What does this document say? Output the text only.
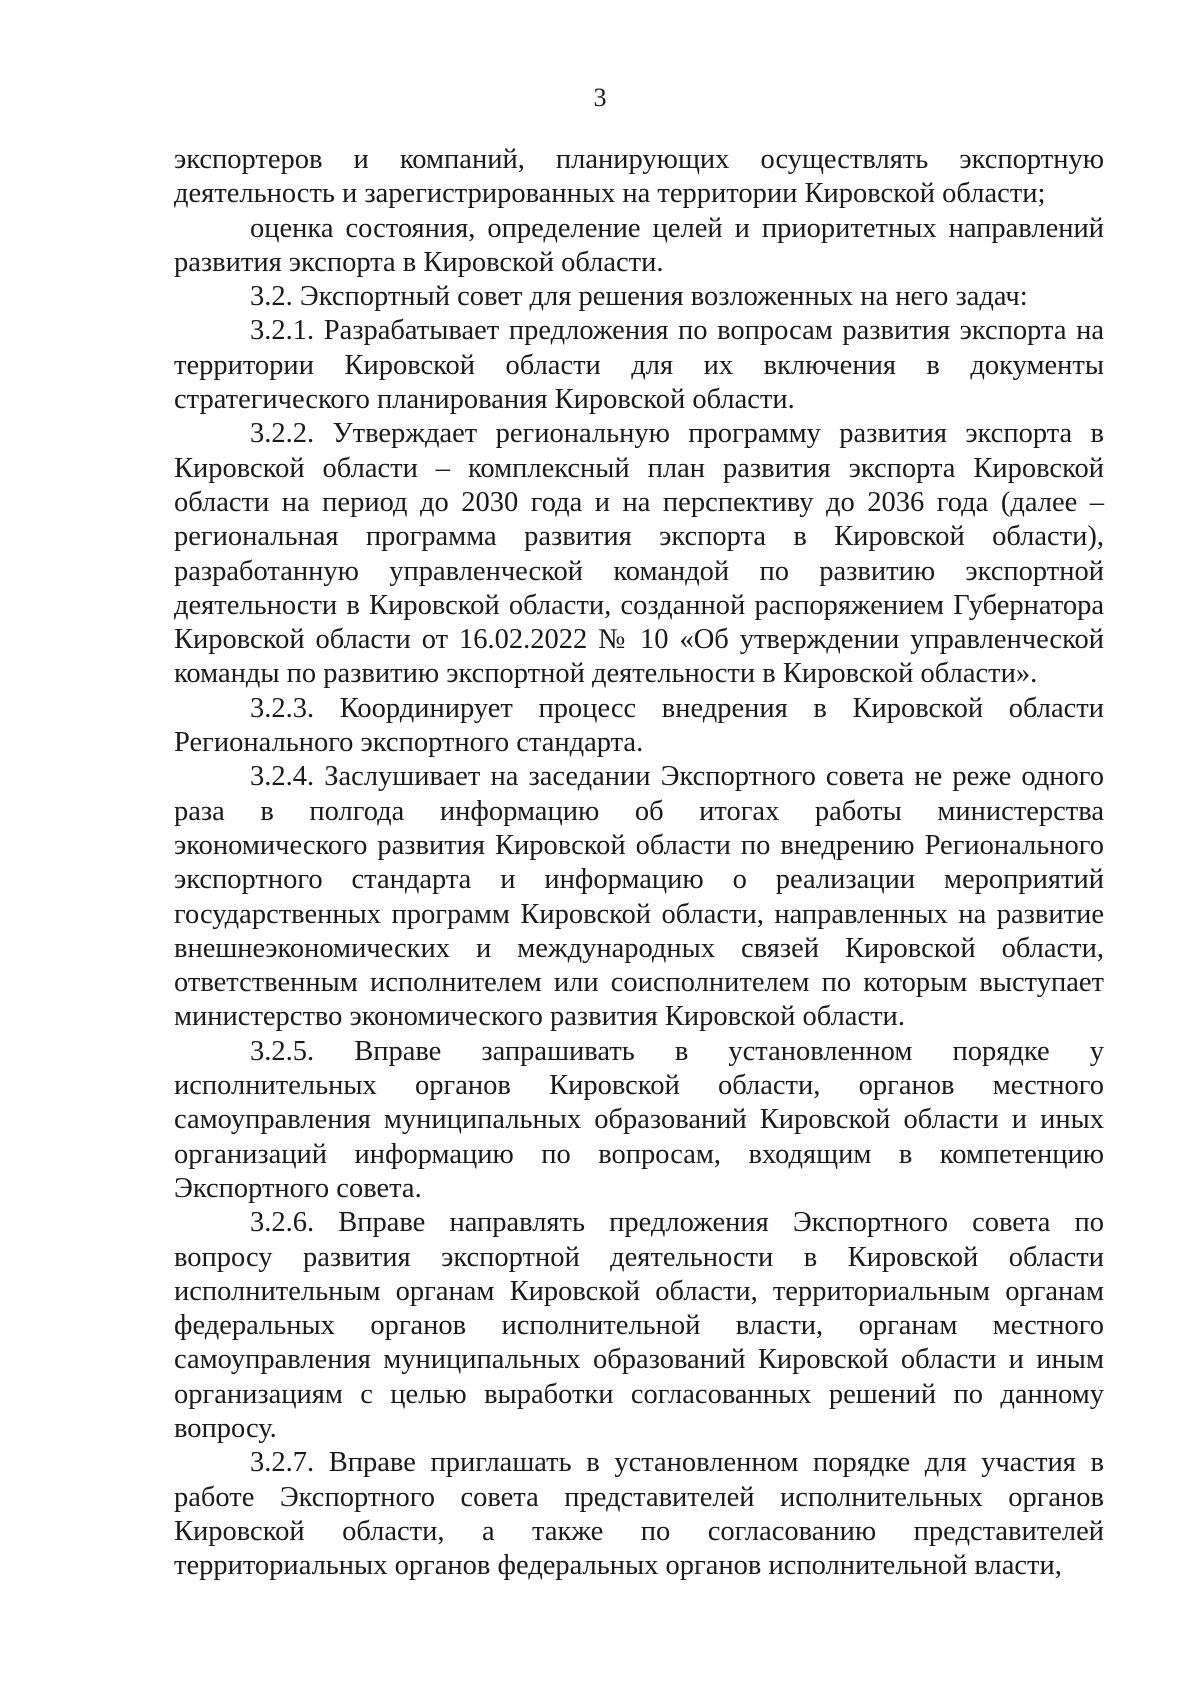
3

экспортеров и компаний, планирующих осуществлять экспортную деятельность и зарегистрированных на территории Кировской области;

оценка состояния, определение целей и приоритетных направлений развития экспорта в Кировской области.

3.2. Экспортный совет для решения возложенных на него задач:

3.2.1. Разрабатывает предложения по вопросам развития экспорта на территории Кировской области для их включения в документы стратегического планирования Кировской области.

3.2.2. Утверждает региональную программу развития экспорта в Кировской области – комплексный план развития экспорта Кировской области на период до 2030 года и на перспективу до 2036 года (далее – региональная программа развития экспорта в Кировской области), разработанную управленческой командой по развитию экспортной деятельности в Кировской области, созданной распоряжением Губернатора Кировской области от 16.02.2022 № 10 «Об утверждении управленческой команды по развитию экспортной деятельности в Кировской области».

3.2.3. Координирует процесс внедрения в Кировской области Регионального экспортного стандарта.

3.2.4. Заслушивает на заседании Экспортного совета не реже одного раза в полгода информацию об итогах работы министерства экономического развития Кировской области по внедрению Регионального экспортного стандарта и информацию о реализации мероприятий государственных программ Кировской области, направленных на развитие внешнеэкономических и международных связей Кировской области, ответственным исполнителем или соисполнителем по которым выступает министерство экономического развития Кировской области.

3.2.5. Вправе запрашивать в установленном порядке у исполнительных органов Кировской области, органов местного самоуправления муниципальных образований Кировской области и иных организаций информацию по вопросам, входящим в компетенцию Экспортного совета.

3.2.6. Вправе направлять предложения Экспортного совета по вопросу развития экспортной деятельности в Кировской области исполнительным органам Кировской области, территориальным органам федеральных органов исполнительной власти, органам местного самоуправления муниципальных образований Кировской области и иным организациям с целью выработки согласованных решений по данному вопросу.

3.2.7. Вправе приглашать в установленном порядке для участия в работе Экспортного совета представителей исполнительных органов Кировской области, а также по согласованию представителей территориальных органов федеральных органов исполнительной власти,
